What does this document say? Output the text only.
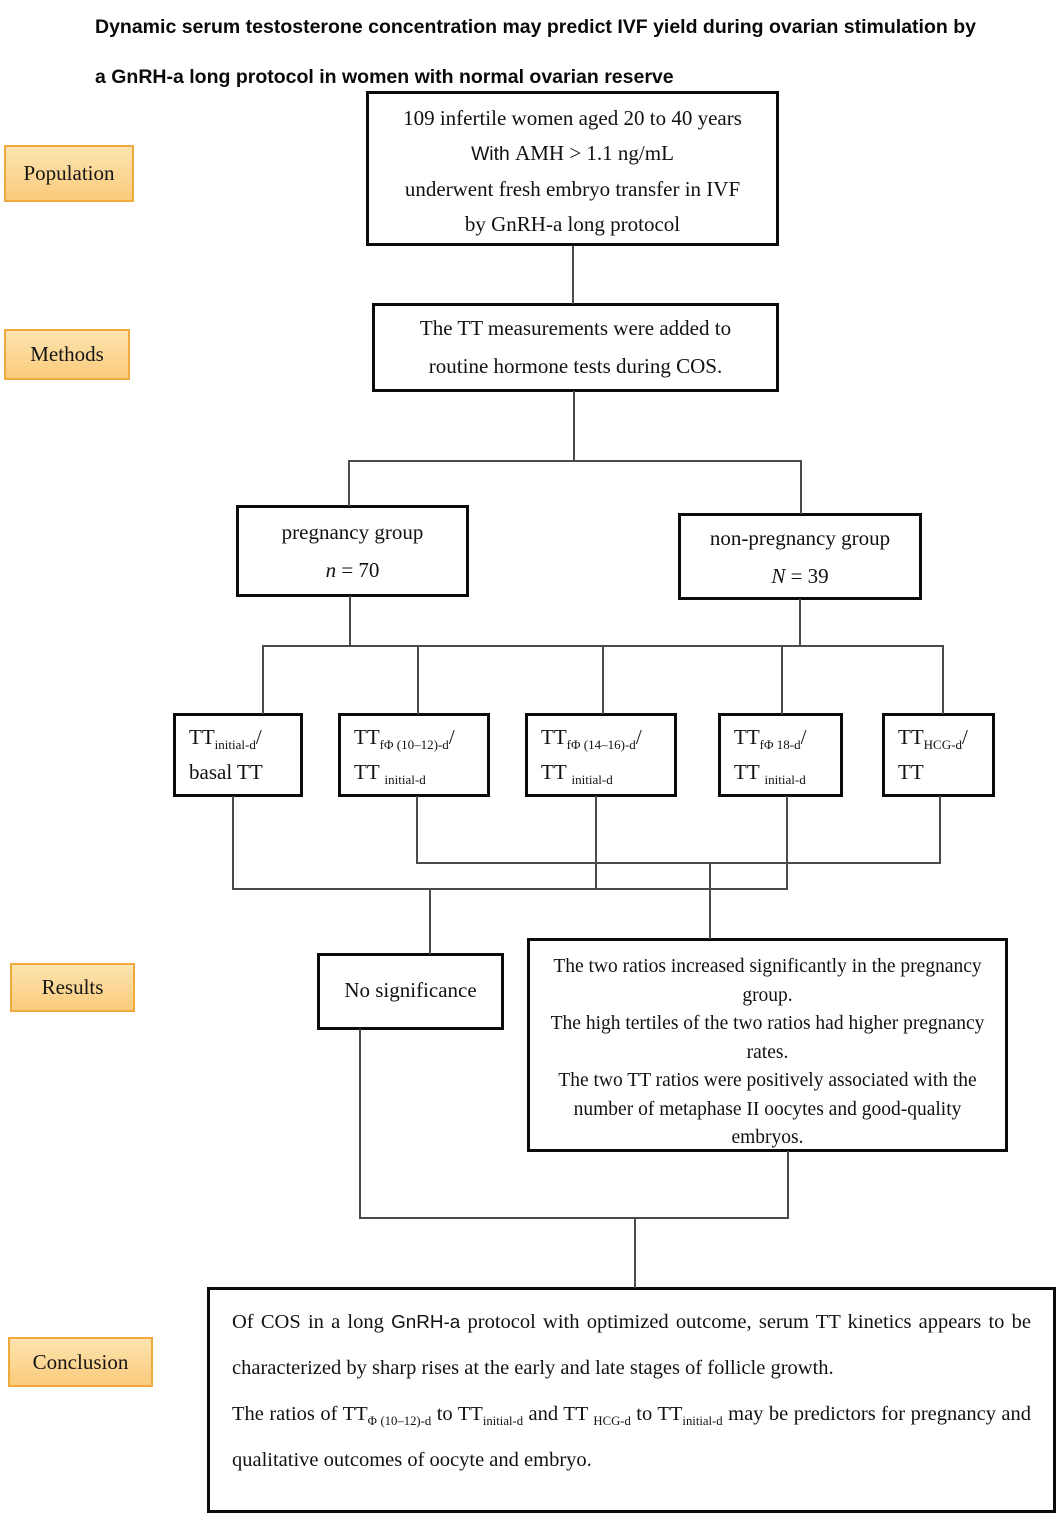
Dynamic serum testosterone concentration may predict IVF yield during ovarian stimulation by
a GnRH-a long protocol in women with normal ovarian reserve
Population
Methods
Results
Conclusion
109 infertile women aged 20 to 40 years
With AMH > 1.1 ng/mL
underwent fresh embryo transfer in IVF
by GnRH-a long protocol
The TT measurements were added to
routine hormone tests during COS.
pregnancy group
n = 70
non-pregnancy group
N = 39
$TT_{initial-d}/$
basal TT
$TT_{f\Phi (10-12)-d}/$
TT $_{initial-d}$
$TT_{f\Phi (14-16)-d}/$
TT $_{initial-d}$
$TT_{f\Phi 18-d}/$
TT $_{initial-d}$
$TT_{HCG-d}/$
TT
No significance
The two ratios increased significantly in the pregnancy group.
The high tertiles of the two ratios had higher pregnancy rates.
The two TT ratios were positively associated with the number of metaphase II oocytes and good-quality embryos.
Of COS in a long GnRH-a protocol with optimized outcome, serum TT kinetics appears to be characterized by sharp rises at the early and late stages of follicle growth.
The ratios of $TT_{\Phi (10-12)-d}$ to $TT_{initial-d}$ and TT $_{HCG-d}$ to $TT_{initial-d}$ may be predictors for pregnancy and qualitative outcomes of oocyte and embryo.
